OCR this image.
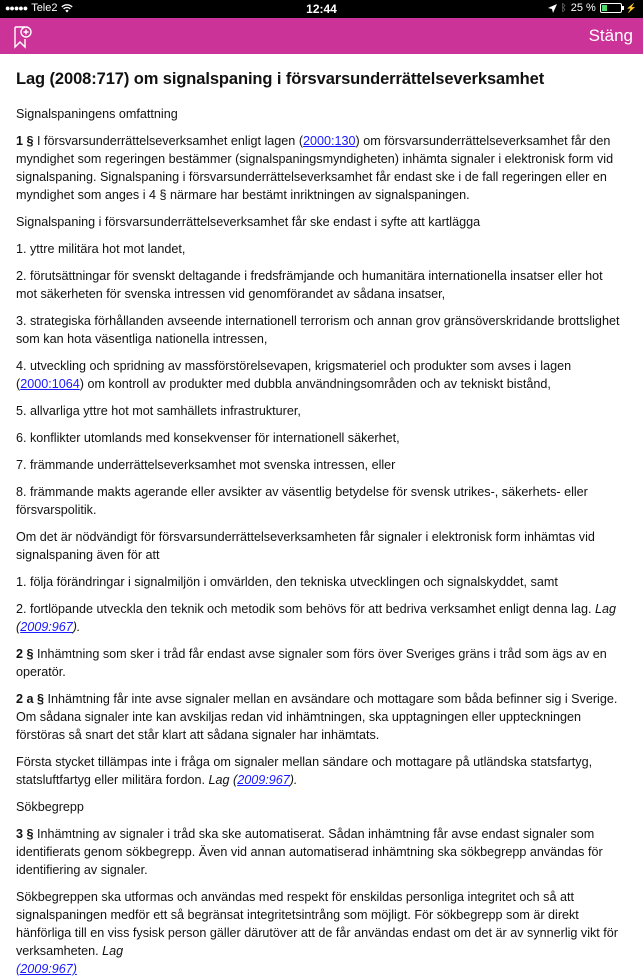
●●●●● Tele2	12:44	ᛒ 25 %	⚡
Stäng
Lag (2008:717) om signalspaning i försvarsunderrättelseverksamhet

Signalspaningens omfattning

1 § I försvarsunderrättelseverksamhet enligt lagen (2000:130) om försvarsunderrättelseverksamhet får den myndighet som regeringen bestämmer (signalspaningsmyndigheten) inhämta signaler i elektronisk form vid signalspaning. Signalspaning i försvarsunderrättelseverksamhet får endast ske i de fall regeringen eller en myndighet som anges i 4 § närmare har bestämt inriktningen av signalspaningen.

Signalspaning i försvarsunderrättelseverksamhet får ske endast i syfte att kartlägga

1. yttre militära hot mot landet,

2. förutsättningar för svenskt deltagande i fredsfrämjande och humanitära internationella insatser eller hot mot säkerheten för svenska intressen vid genomförandet av sådana insatser,

3. strategiska förhållanden avseende internationell terrorism och annan grov gränsöverskridande brottslighet som kan hota väsentliga nationella intressen,

4. utveckling och spridning av massförstörelsevapen, krigsmateriel och produkter som avses i lagen (2000:1064) om kontroll av produkter med dubbla användningsområden och av tekniskt bistånd,

5. allvarliga yttre hot mot samhällets infrastrukturer,

6. konflikter utomlands med konsekvenser för internationell säkerhet,

7. främmande underrättelseverksamhet mot svenska intressen, eller

8. främmande makts agerande eller avsikter av väsentlig betydelse för svensk utrikes-, säkerhets- eller försvarspolitik.

Om det är nödvändigt för försvarsunderrättelseverksamheten får signaler i elektronisk form inhämtas vid signalspaning även för att

1. följa förändringar i signalmiljön i omvärlden, den tekniska utvecklingen och signalskyddet, samt

2. fortlöpande utveckla den teknik och metodik som behövs för att bedriva verksamhet enligt denna lag. Lag (2009:967).

2 § Inhämtning som sker i tråd får endast avse signaler som förs över Sveriges gräns i tråd som ägs av en operatör.

2 a § Inhämtning får inte avse signaler mellan en avsändare och mottagare som båda befinner sig i Sverige. Om sådana signaler inte kan avskiljas redan vid inhämtningen, ska upptagningen eller uppteckningen förstöras så snart det står klart att sådana signaler har inhämtats.

Första stycket tillämpas inte i fråga om signaler mellan sändare och mottagare på utländska statsfartyg, statsluftfartyg eller militära fordon. Lag (2009:967).

Sökbegrepp

3 § Inhämtning av signaler i tråd ska ske automatiserat. Sådan inhämtning får avse endast signaler som identifierats genom sökbegrepp. Även vid annan automatiserad inhämtning ska sökbegrepp användas för identifiering av signaler.

Sökbegreppen ska utformas och användas med respekt för enskildas personliga integritet och så att signalspaningen medför ett så begränsat integritetsintrång som möjligt. För sökbegrepp som är direkt hänförliga till en viss fysisk person gäller därutöver att de får användas endast om det är av synnerlig vikt för verksamheten. Lag
(2009:967)
